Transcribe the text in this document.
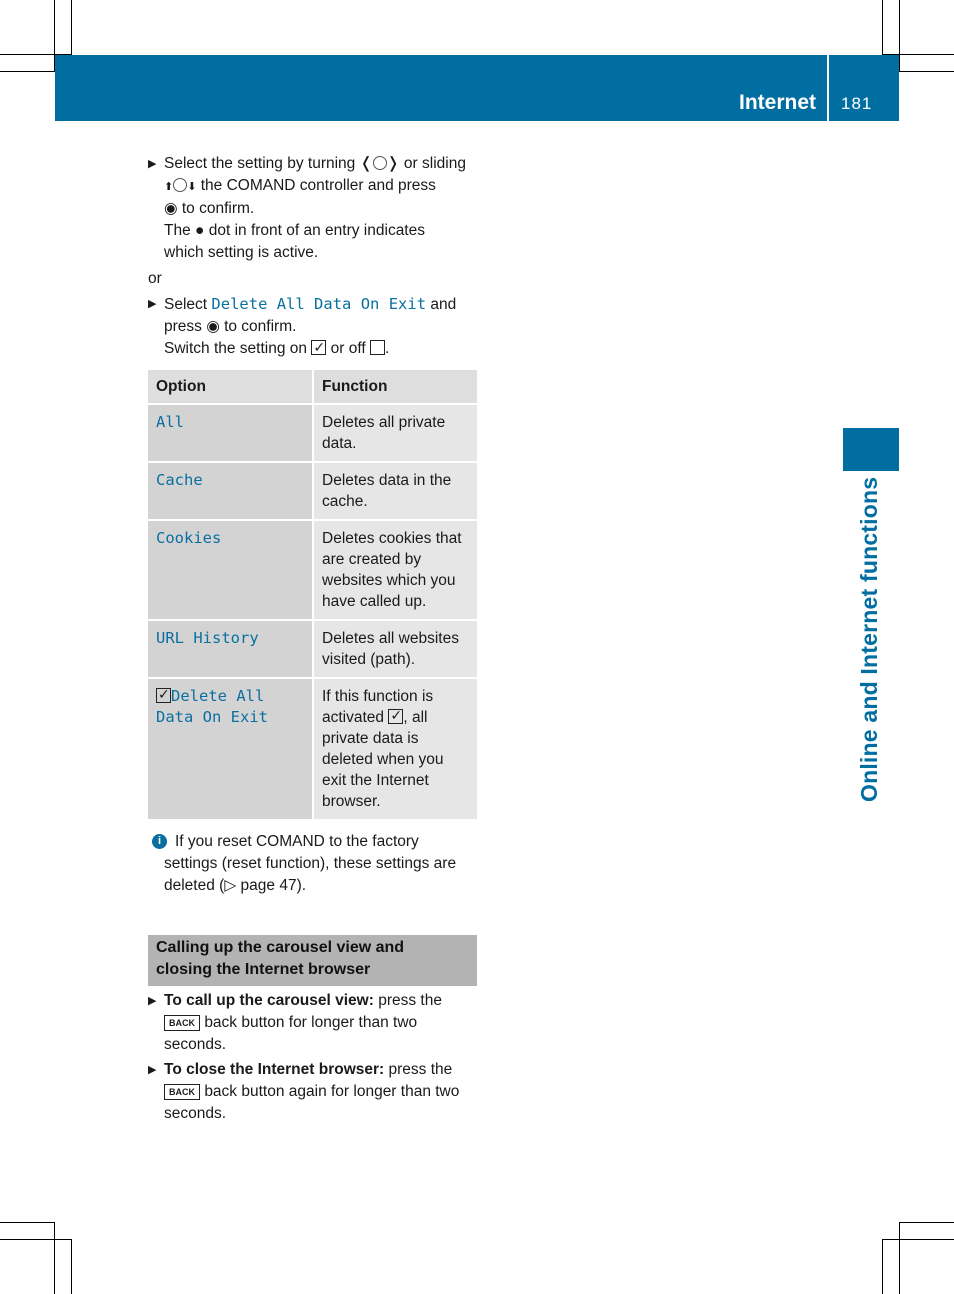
Internet 181
Online and Internet functions
▶ Select the setting by turning ❬ ❭ or sliding
⬆ ⬇ the COMAND controller and press
◉ to confirm.
The ● dot in front of an entry indicates
which setting is active.
or
▶ Select Delete All Data On Exit and
press ◉ to confirm.
Switch the setting on ✓ or off .
Option	Function
All	Deletes all private data.
Cache	Deletes data in the cache.
Cookies	Deletes cookies that are created by websites which you have called up.
URL History	Deletes all websites visited (path).
✓Delete All
Data On Exit	If this function is activated ✓ , all private data is deleted when you exit the Internet browser.
i If you reset COMAND to the factory
settings (reset function), these settings are
deleted (▷ page 47).
Calling up the carousel view and
closing the Internet browser
▶ To call up the carousel view: press the
BACK back button for longer than two seconds.
▶ To close the Internet browser: press the
BACK back button again for longer than two seconds.
